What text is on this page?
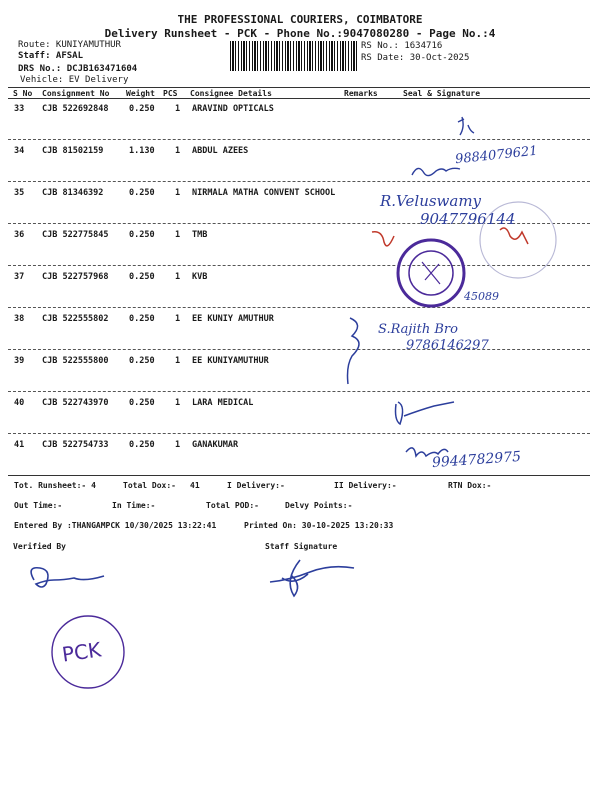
THE PROFESSIONAL COURIERS, COIMBATORE
Delivery Runsheet - PCK - Phone No.:9047080280 - Page No.:4
Route: KUNIYAMUTHUR
Staff: AFSAL
DRS No.: DCJB163471604
Vehicle: EV Delivery
RS No.: 1634716
RS Date: 30-Oct-2025
S No Consignment No Weight PCS Consignee Details	Remarks	Seal & Signature
33 CJB 522692848 0.250 1 ARAVIND OPTICALS
34 CJB 81502159	1.130 1 ABDUL AZEES
35 CJB 81346392	0.250 1 NIRMALA MATHA CONVENT SCHOOL
36 CJB 522775845 0.250 1 TMB
37 CJB 522757968 0.250 1 KVB
38 CJB 522555802 0.250 1 EE KUNIY AMUTHUR
39 CJB 522555800 0.250 1 EE KUNIYAMUTHUR
40 CJB 522743970 0.250 1 LARA MEDICAL
41 CJB 522754733 0.250 1 GANAKUMAR
9884079621
R.Veluswamy
9047796144
45089
S.Rajith Bro
9786146297
9944782975
Tot. Runsheet:- 4	Total Dox:- 41	I Delivery:-	II Delivery:-	RTN Dox:-
Out Time:-	In Time:-	Total POD:-	Delvy Points:-
Entered By :THANGAMPCK 10/30/2025 13:22:41	Printed On: 30-10-2025 13:20:33
Verified By	Staff Signature
PCK
